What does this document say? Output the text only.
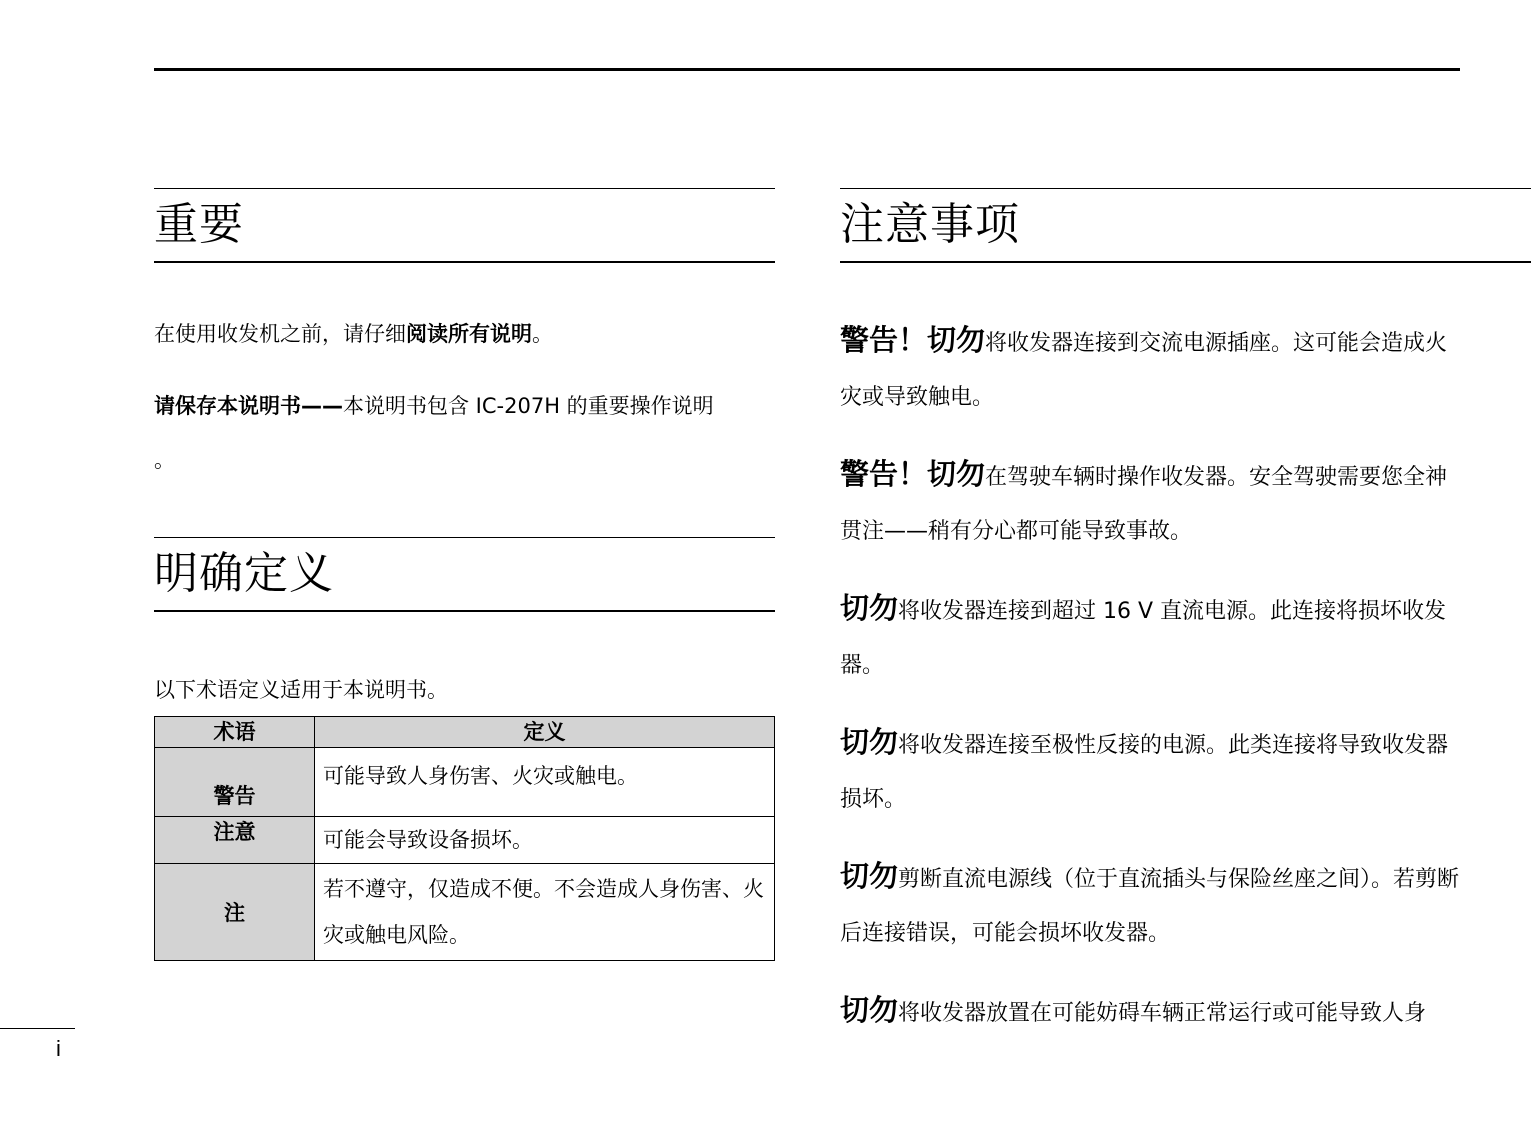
重要

在使用收发机之前，请仔细阅读所有说明。

请保存本说明书——本说明书包含 IC-207H 的重要操作说明
。

明确定义

以下术语定义适用于本说明书。

术语	定义
警告	可能导致人身伤害、火灾或触电。
注意	可能会导致设备损坏。
注	若不遵守，仅造成不便。不会造成人身伤害、火灾或触电风险。
注意事项

警告！切勿将收发器连接到交流电源插座。这可能会造成火灾或导致触电。

警告！切勿在驾驶车辆时操作收发器。安全驾驶需要您全神贯注——稍有分心都可能导致事故。

切勿将收发器连接到超过 16 V 直流电源。此连接将损坏收发器。

切勿将收发器连接至极性反接的电源。此类连接将导致收发器损坏。

切勿剪断直流电源线（位于直流插头与保险丝座之间）。若剪断后连接错误，可能会损坏收发器。

切勿将收发器放置在可能妨碍车辆正常运行或可能导致人身

i
